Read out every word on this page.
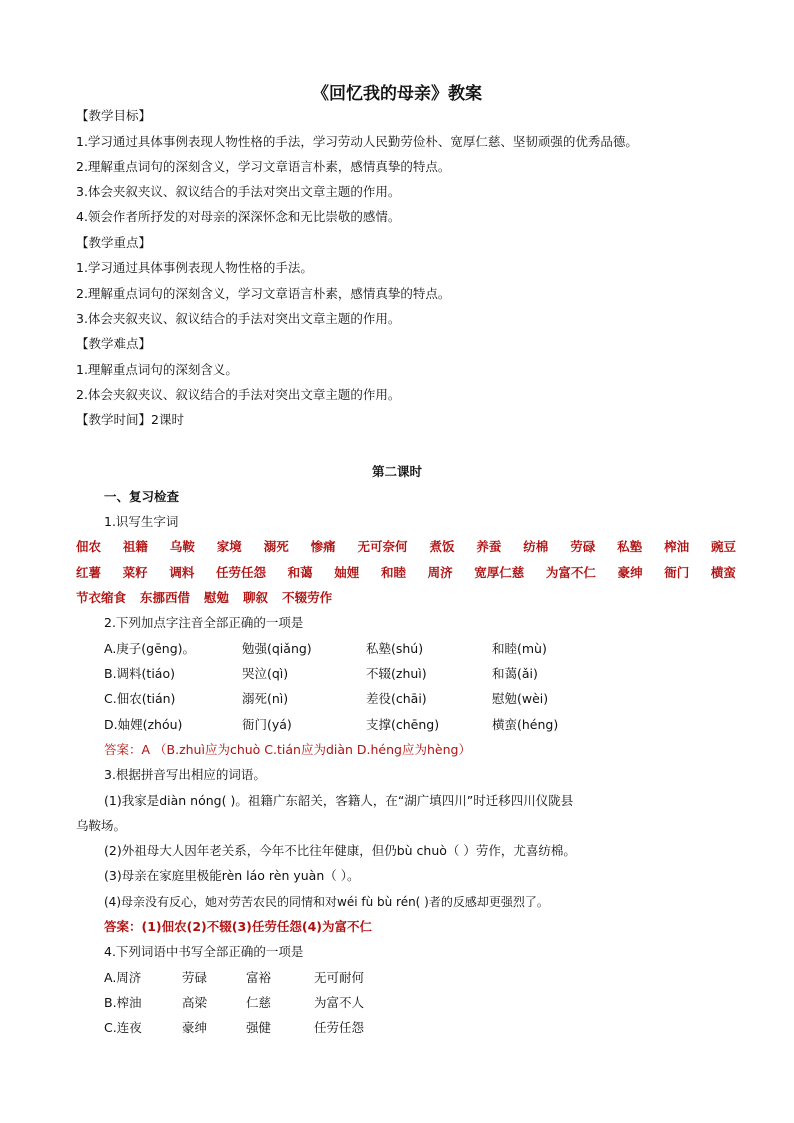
《回忆我的母亲》教案
【教学目标】
1.学习通过具体事例表现人物性格的手法，学习劳动人民勤劳俭朴、宽厚仁慈、坚韧顽强的优秀品德。
2.理解重点词句的深刻含义，学习文章语言朴素，感情真挚的特点。
3.体会夹叙夹议、叙议结合的手法对突出文章主题的作用。
4.领会作者所抒发的对母亲的深深怀念和无比崇敬的感情。
【教学重点】
1.学习通过具体事例表现人物性格的手法。
2.理解重点词句的深刻含义，学习文章语言朴素，感情真挚的特点。
3.体会夹叙夹议、叙议结合的手法对突出文章主题的作用。
【教学难点】
1.理解重点词句的深刻含义。
2.体会夹叙夹议、叙议结合的手法对突出文章主题的作用。
【教学时间】2课时
第二课时
一、复习检查
1.识写生字词
佃农 祖籍 乌鞍 家境 溺死 惨痛 无可奈何 煮饭 养蚕 纺棉 劳碌 私塾 榨油 豌豆
红薯 菜籽 调料 任劳任怨 和蔼 妯娌 和睦 周济 宽厚仁慈 为富不仁 豪绅 衙门 横蛮
节衣缩食 东挪西借 慰勉 聊叙 不辍劳作
2.下列加点字注音全部正确的一项是
A.庚子(gēng)。	勉强(qiǎng)	私塾(shú)	和睦(mù)
B.调料(tiáo)	哭泣(qì)	不辍(zhuì)	和蔼(ǎi)
C.佃农(tián)	溺死(nì)	差役(chāi)	慰勉(wèi)
D.妯娌(zhóu)	衙门(yá)	支撑(chēng)	横蛮(héng)
答案：A （B.zhuì应为chuò C.tián应为diàn D.héng应为hèng）
3.根据拼音写出相应的词语。
(1)我家是diàn nóng( )。祖籍广东韶关，客籍人，在“湖广填四川”时迁移四川仪陇县
乌鞍场。
(2)外祖母大人因年老关系，今年不比往年健康，但仍bù chuò（ ）劳作，尤喜纺棉。
(3)母亲在家庭里极能rèn láo rèn yuàn（ ）。
(4)母亲没有反心，她对劳苦农民的同情和对wéi fù bù rén( )者的反感却更强烈了。
答案：(1)佃农(2)不辍(3)任劳任怨(4)为富不仁
4.下列词语中书写全部正确的一项是
A.周济	劳碌	富裕	无可耐何
B.榨油	高梁	仁慈	为富不人
C.连夜	豪绅	强健	任劳任怨
